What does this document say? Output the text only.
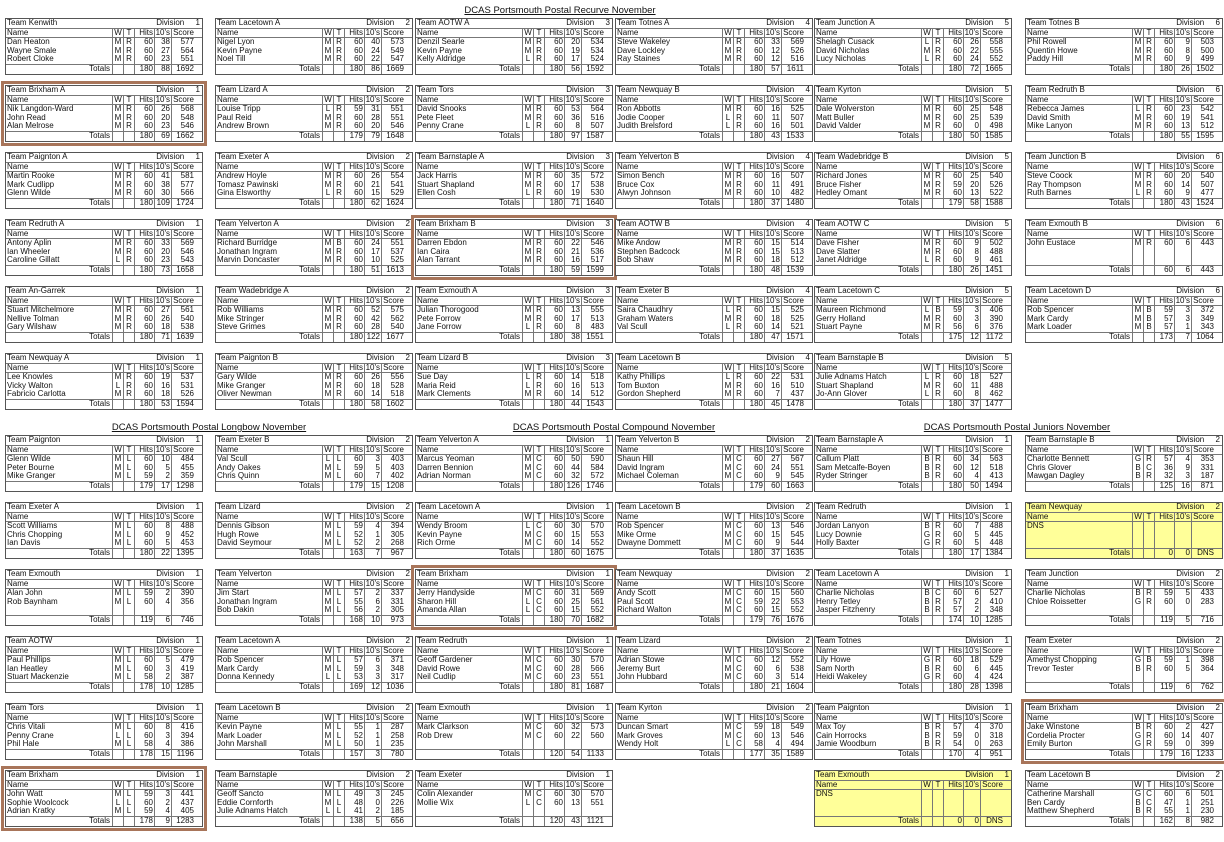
DCAS Portsmouth Postal Recurve November
Team Kenwith	Division	1
Name	W T Hits 10's Score
Dan Heaton	M R	60	38	577
Wayne Smale	M R	60	27	564
Robert Cloke	M R	60	23	551
Totals	180	88 1692
Team Brixham A	Division	1
Name	W T Hits 10's Score
Nik Langdon-Ward	M R	60	26	568
John Read	M R	60	20	548
Alan Melrose	M R	60	23	546
Totals	180	69 1662
Team Paignton A	Division	1
Name	W T Hits 10's Score
Martin Rooke	M R	60	41	581
Mark Cudlipp	M R	60	38	577
Glenn Wilde	M R	60	30	566
Totals	180 109 1724
Team Redruth A	Division	1
Name	W T Hits 10's Score
Antony Aplin	M R	60	33	569
Ian Wheeler	M R	60	20	546
Caroline Gillatt	L R	60	23	543
Totals	180	73 1658
Team An-Garrek	Division	1
Name	W T Hits 10's Score
Stuart Mitchelmore	M R	60	27	561
Nellive Tolman	M R	60	26	540
Gary Wilshaw	M R	60	18	538
Totals	180	71 1639
Team Newquay A	Division	1
Name	W T Hits 10's Score
Lee Knowles	M R	60	19	537
Vicky Walton	L R	60	16	531
Fabricio Carlotta	M R	60	18	526
Totals	180	53 1594
Team Lacetown A	Division	2
Name	W T Hits 10's Score
Nigel Lyon	M R	60	40	573
Kevin Payne	M R	60	24	549
Noel Till	M R	60	22	547
Totals	180	86 1669
Team Lizard A	Division	2
Name	W T Hits 10's Score
Louise Tripp	L R	59	31	551
Paul Reid	M R	60	28	551
Andrew Brown	M R	60	20	546
Totals	179	79 1648
Team Exeter A	Division	2
Name	W T Hits 10's Score
Andrew Hoyle	M R	60	26	554
Tomasz Pawinski	M R	60	21	541
Gina Elsworthy	L R	60	15	529
Totals	180	62 1624
Team Yelverton A	Division	2
Name	W T Hits 10's Score
Richard Burridge	M B	60	24	551
Jonathan Ingram	M R	60	17	537
Marvin Doncaster	M R	60	10	525
Totals	180	51 1613
Team Wadebridge A	Division	2
Name	W T Hits 10's Score
Rob Williams	M R	60	52	575
Mike Stringer	M R	60	42	562
Steve Grimes	M R	60	28	540
Totals	180 122 1677
Team Paignton B	Division	2
Name	W T Hits 10's Score
Gary Wilde	M R	60	26	556
Mike Granger	M R	60	18	528
Oliver Newman	M R	60	14	518
Totals	180	58 1602
Team AOTW A	Division	3
Name	W T Hits 10's Score
Denzil Searle	M R	60	20	534
Kevin Payne	M R	60	19	534
Kelly Aldridge	L R	60	17	524
Totals	180	56 1592
Team Tors	Division	3
Name	W T Hits 10's Score
David Snooks	M R	60	53	564
Pete Fleet	M R	60	36	516
Penny Crane	L R	60	8	507
Totals	180	97 1587
Team Barnstaple A	Division	3
Name	W T Hits 10's Score
Jack Harris	M R	60	35	572
Stuart Shapland	M R	60	17	538
Ellen Cosh	L R	60	19	530
Totals	180	71 1640
Team Brixham B	Division	3
Name	W T Hits 10's Score
Darren Ebdon	M R	60	22	546
Ian Caira	M R	60	21	536
Alan Tarrant	M R	60	16	517
Totals	180	59 1599
Team Exmouth A	Division	3
Name	W T Hits 10's Score
Julian Thorogood	M R	60	13	555
Pete Forrow	M R	60	17	513
Jane Forrow	L R	60	8	483
Totals	180	38 1551
Team Lizard B	Division	3
Name	W T Hits 10's Score
Sue Day	L R	60	14	518
Maria Reid	L R	60	16	513
Mark Clements	M R	60	14	512
Totals	180	44 1543
Team Totnes A	Division	4
Name	W T Hits 10's Score
Steve Wakeley	M R	60	33	569
Dave Lockley	M R	60	12	526
Ray Staines	M R	60	12	516
Totals	180	57 1611
Team Newquay B	Division	4
Name	W T Hits 10's Score
Ron Abbotts	M R	60	16	525
Jodie Cooper	L R	60	11	507
Judith Brelsford	L R	60	16	501
Totals	180	43 1533
Team Yelverton B	Division	4
Name	W T Hits 10's Score
Simon Bench	M R	60	16	507
Bruce Cox	M R	60	11	491
Alwyn Johnson	M R	60	10	482
Totals	180	37 1480
Team AOTW B	Division	4
Name	W T Hits 10's Score
Mike Andow	M R	60	15	514
Stephen Badcock	M R	60	15	513
Bob Shaw	M R	60	18	512
Totals	180	48 1539
Team Exeter B	Division	4
Name	W T Hits 10's Score
Saira Chaudhry	L R	60	15	525
Graham Waters	M R	60	18	525
Val Scull	L R	60	14	521
Totals	180	47 1571
Team Lacetown B	Division	4
Name	W T Hits 10's Score
Kathy Phillips	L R	60	22	531
Tom Buxton	M R	60	16	510
Gordon Shepherd	M R	60	7	437
Totals	180	45 1478
Team Junction A	Division	5
Name	W T Hits 10's Score
Shelagh Cusack	L R	60	26	558
David Nicholas	M R	60	22	555
Lucy Nicholas	L R	60	24	552
Totals	180	72 1665
Team Kyrton	Division	5
Name	W T Hits 10's Score
Dale Wolverston	M R	60	25	548
Matt Buller	M R	60	25	539
David Valder	M R	60	0	498
Totals	180	50 1585
Team Wadebridge B	Division	5
Name	W T Hits 10's Score
Richard Jones	M R	60	25	540
Bruce Fisher	M R	59	20	526
Hedley Omant	M R	60	13	522
Totals	179	58 1588
Team AOTW C	Division	5
Name	W T Hits 10's Score
Dave Fisher	M R	60	9	502
Dave Slatter	M R	60	8	488
Janet Aldridge	L R	60	9	461
Totals	180	26 1451
Team Lacetown C	Division	5
Name	W T Hits 10's Score
Maureen Richmond	L B	59	3	406
Gerry Holland	M R	60	3	390
Stuart Payne	M R	56	6	376
Totals	175	12 1172
Team Barnstaple B	Division	5
Name	W T Hits 10's Score
Julie Adnams Hatch	L R	60	18	527
Stuart Shapland	M R	60	11	488
Jo-Ann Glover	L R	60	8	462
Totals	180	37 1477
Team Totnes B	Division	6
Name	W T Hits 10's Score
Phil Rowell	M R	60	9	503
Quentin Howe	M R	60	8	500
Paddy Hill	M R	60	9	499
Totals	180	26 1502
Team Redruth B	Division	6
Name	W T Hits 10's Score
Rebecca James	L R	60	23	542
David Smith	M R	60	19	541
Mike Lanyon	M R	60	13	512
Totals	180	55 1595
Team Junction B	Division	6
Name	W T Hits 10's Score
Steve Coock	M R	60	20	540
Ray Thompson	M R	60	14	507
Ruth Barnes	L R	60	9	477
Totals	180	43 1524
Team Exmouth B	Division	6
Name	W T Hits 10's Score
John Eustace	M R	60	6	443
Totals	60	6	443
Team Lacetown D	Division	6
Name	W T Hits 10's Score
Rob Spencer	M B	59	3	372
Mark Cardy	M B	57	3	349
Mark Loader	M B	57	1	343
Totals	173	7 1064
DCAS Portsmouth Postal Longbow November
Team Paignton	Division	1
Name	W T Hits 10's Score
Glenn Wilde	M L	60	10	484
Peter Bourne	M L	60	5	455
Mike Granger	M L	59	2	359
Totals	179	17 1298
Team Exeter A	Division	1
Name	W T Hits 10's Score
Scott Williams	M L	60	8	488
Chris Chopping	M L	60	9	452
Ian Davis	M L	60	5	453
Totals	180	22 1395
Team Exmouth	Division	1
Name	W T Hits 10's Score
Alan John	M L	59	2	390
Rob Baynham	M L	60	4	356
Totals	119	6	746
Team AOTW	Division	1
Name	W T Hits 10's Score
Paul Phillips	M L	60	5	479
Ian Heatley	M L	60	3	419
Stuart Mackenzie	M L	58	2	387
Totals	178	10 1285
Team Tors	Division	1
Name	W T Hits 10's Score
Chris Vitali	M L	60	8	416
Penny Crane	L L	60	3	394
Phil Hale	M L	58	4	386
Totals	178	15 1196
Team Brixham	Division	1
Name	W T Hits 10's Score
John Watt	M L	59	3	441
Sophie Woolcock	L L	60	2	437
Adrian Kratky	M L	59	4	405
Totals	178	9 1283
Team Exeter B	Division	2
Name	W T Hits 10's Score
Val Scull	L L	60	3	403
Andy Oakes	M L	59	5	403
Chris Quinn	M L	60	7	402
Totals	179	15 1208
Team Lizard	Division	2
Name	W T Hits 10's Score
Dennis Gibson	M L	59	4	394
Hugh Rowe	M L	52	1	305
David Seymour	M L	52	2	268
Totals	163	7	967
Team Yelverton	Division	2
Name	W T Hits 10's Score
Jim Start	M L	57	2	337
Jonathan Ingram	M L	55	6	331
Bob Dakin	M L	56	2	305
Totals	168	10	973
Team Lacetown A	Division	2
Name	W T Hits 10's Score
Rob Spencer	M L	57	6	371
Mark Cardy	M L	59	3	348
Donna Kennedy	L L	53	3	317
Totals	169	12 1036
Team Lacetown B	Division	2
Name	W T Hits 10's Score
Kevin Payne	M L	55	1	287
Mark Loader	M L	52	1	258
John Marshall	M L	50	1	235
Totals	157	3	780
Team Barnstaple	Division	2
Name	W T Hits 10's Score
Geoff Sancto	M L	49	3	245
Eddie Cornforth	M L	48	0	226
Julie Adnams Hatch	L L	41	2	185
Totals	138	5	656
DCAS Portsmouth Postal Compound November
Team Yelverton A	Division	1
Name	W T Hits 10's Score
Marcus Yeoman	M C	60	50	590
Darren Bennion	M C	60	44	584
Adrian Norman	M C	60	32	572
Totals	180 126 1746
Team Lacetown A	Division	1
Name	W T Hits 10's Score
Wendy Broom	L C	60	30	570
Kevin Payne	M C	60	15	553
Rich Orme	M C	60	14	552
Totals	180	60 1675
Team Brixham	Division	1
Name	W T Hits 10's Score
Jerry Handyside	M C	60	31	569
Sharon Hill	L C	60	25	561
Amanda Allan	L C	60	15	552
Totals	180	70 1682
Team Redruth	Division	1
Name	W T Hits 10's Score
Geoff Gardener	M C	60	30	570
David Rowe	M C	60	28	566
Neil Cudlip	M C	60	23	551
Totals	180	81 1687
Team Exmouth	Division	1
Name	W T Hits 10's Score
Mark Clarkson	M C	60	32	573
Rob Drew	M C	60	22	560
Totals	120	54 1133
Team Exeter	Division	1
Name	W T Hits 10's Score
Colin Alexander	M C	60	30	570
Mollie Wix	L C	60	13	551
Totals	120	43 1121
Team Yelverton B	Division	2
Name	W T Hits 10's Score
Shaun Hill	M C	60	27	567
David Ingram	M C	60	24	551
Michael Coleman	M C	60	9	545
Totals	179	60 1663
Team Lacetown B	Division	2
Name	W T Hits 10's Score
Rob Spencer	M C	60	13	546
Mike Orme	M C	60	15	545
Dwayne Dommett	M C	60	9	544
Totals	180	37 1635
Team Newquay	Division	2
Name	W T Hits 10's Score
Andy Scott	M C	60	15	560
Paul Scott	M C	59	22	553
Richard Walton	M C	60	15	552
Totals	179	76 1676
Team Lizard	Division	2
Name	W T Hits 10's Score
Adrian Stowe	M C	60	12	552
Jeremy Burt	M C	60	6	538
John Hubbard	M C	60	3	514
Totals	180	21 1604
Team Kyrton	Division	2
Name	W T Hits 10's Score
Duncan Smart	M C	59	18	549
Mark Groves	M C	60	13	546
Wendy Holt	L C	58	4	494
Totals	177	35 1589
DCAS Portsmouth Postal Juniors November
Team Barnstaple A	Division	1
Name	W T Hits 10's Score
Callum Platt	B R	60	34	563
Sam Metcalfe-Boyen	B R	60	12	518
Ryder Stringer	B R	60	4	413
Totals	180	50 1494
Team Redruth	Division	1
Name	W T Hits 10's Score
Jordan Lanyon	B R	60	7	488
Lucy Downie	G R	60	5	445
Holly Baxter	G R	60	5	448
Totals	180	17 1384
Team Lacetown A	Division	1
Name	W T Hits 10's Score
Charlie Nicholas	B C	60	6	527
Henry Tetley	B R	57	2	410
Jasper Fitzhenry	B R	57	2	348
Totals	174	10 1285
Team Totnes	Division	1
Name	W T Hits 10's Score
Lily Howe	G R	60	18	529
Sam North	B R	60	6	445
Heidi Wakeley	G R	60	4	424
Totals	180	28 1398
Team Paignton	Division	1
Name	W T Hits 10's Score
Max Toy	B R	57	4	370
Cain Horrocks	B R	59	0	318
Jamie Woodburn	B R	54	0	263
Totals	170	4	951
Team Exmouth	Division	1
Name	W T Hits 10's Score
DNS
Totals	0	0 DNS
Team Barnstaple B	Division	2
Name	W T Hits 10's Score
Charlotte Bennett	G R	57	4	353
Chris Glover	B C	36	9	331
Mawgan Dagley	B R	32	3	187
Totals	125	16	871
Team Newquay	Division	2
Name	W T Hits 10's Score
DNS
Totals	0	0 DNS
Team Junction	Division	2
Name	W T Hits 10's Score
Charlie Nicholas	B R	59	5	433
Chloe Roissetter	G R	60	0	283
Totals	119	5	716
Team Exeter	Division	2
Name	W T Hits 10's Score
Amethyst Chopping	G B	59	1	398
Trevor Tester	B R	60	5	364
Totals	119	6	762
Team Brixham	Division	2
Name	W T Hits 10's Score
Jake Winstone	B R	60	2	427
Cordelia Procter	G R	60	14	407
Emily Burton	G R	59	0	399
Totals	179	16 1233
Team Lacetown B	Division	2
Name	W T Hits 10's Score
Catherine Marshall	G C	60	6	501
Ben Cardy	B C	47	1	251
Matthew Shepherd	B R	55	1	230
Totals	162	8	982
